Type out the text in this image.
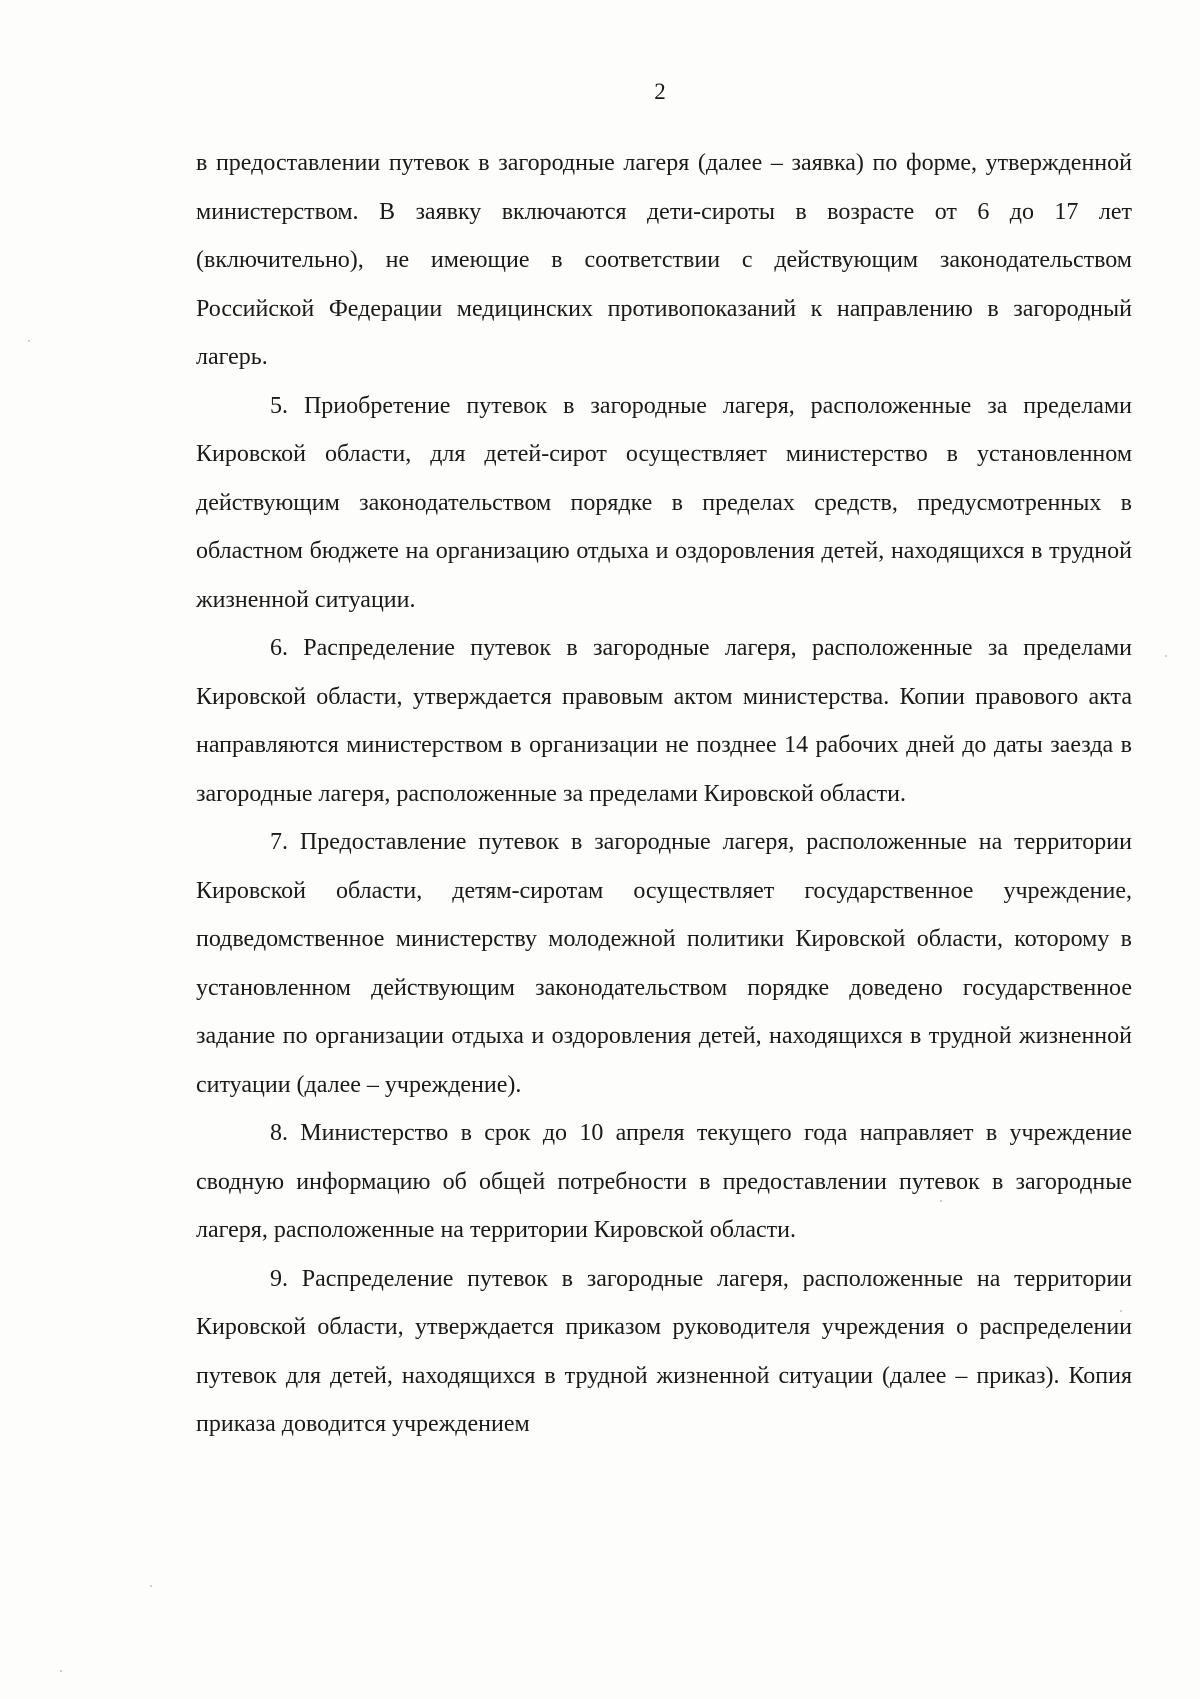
2

в предоставлении путевок в загородные лагеря (далее – заявка) по форме, утвержденной министерством. В заявку включаются дети-сироты в возрасте от 6 до 17 лет (включительно), не имеющие в соответствии с действующим законодательством Российской Федерации медицинских противопоказаний к направлению в загородный лагерь.

5. Приобретение путевок в загородные лагеря, расположенные за пределами Кировской области, для детей-сирот осуществляет министерство в установленном действующим законодательством порядке в пределах средств, предусмотренных в областном бюджете на организацию отдыха и оздоровления детей, находящихся в трудной жизненной ситуации.

6. Распределение путевок в загородные лагеря, расположенные за пределами Кировской области, утверждается правовым актом министерства. Копии правового акта направляются министерством в организации не позднее 14 рабочих дней до даты заезда в загородные лагеря, расположенные за пределами Кировской области.

7. Предоставление путевок в загородные лагеря, расположенные на территории Кировской области, детям-сиротам осуществляет государственное учреждение, подведомственное министерству молодежной политики Кировской области, которому в установленном действующим законодательством порядке доведено государственное задание по организации отдыха и оздоровления детей, находящихся в трудной жизненной ситуации (далее – учреждение).

8. Министерство в срок до 10 апреля текущего года направляет в учреждение сводную информацию об общей потребности в предоставлении путевок в загородные лагеря, расположенные на территории Кировской области.

9. Распределение путевок в загородные лагеря, расположенные на территории Кировской области, утверждается приказом руководителя учреждения о распределении путевок для детей, находящихся в трудной жизненной ситуации (далее – приказ). Копия приказа доводится учреждением
